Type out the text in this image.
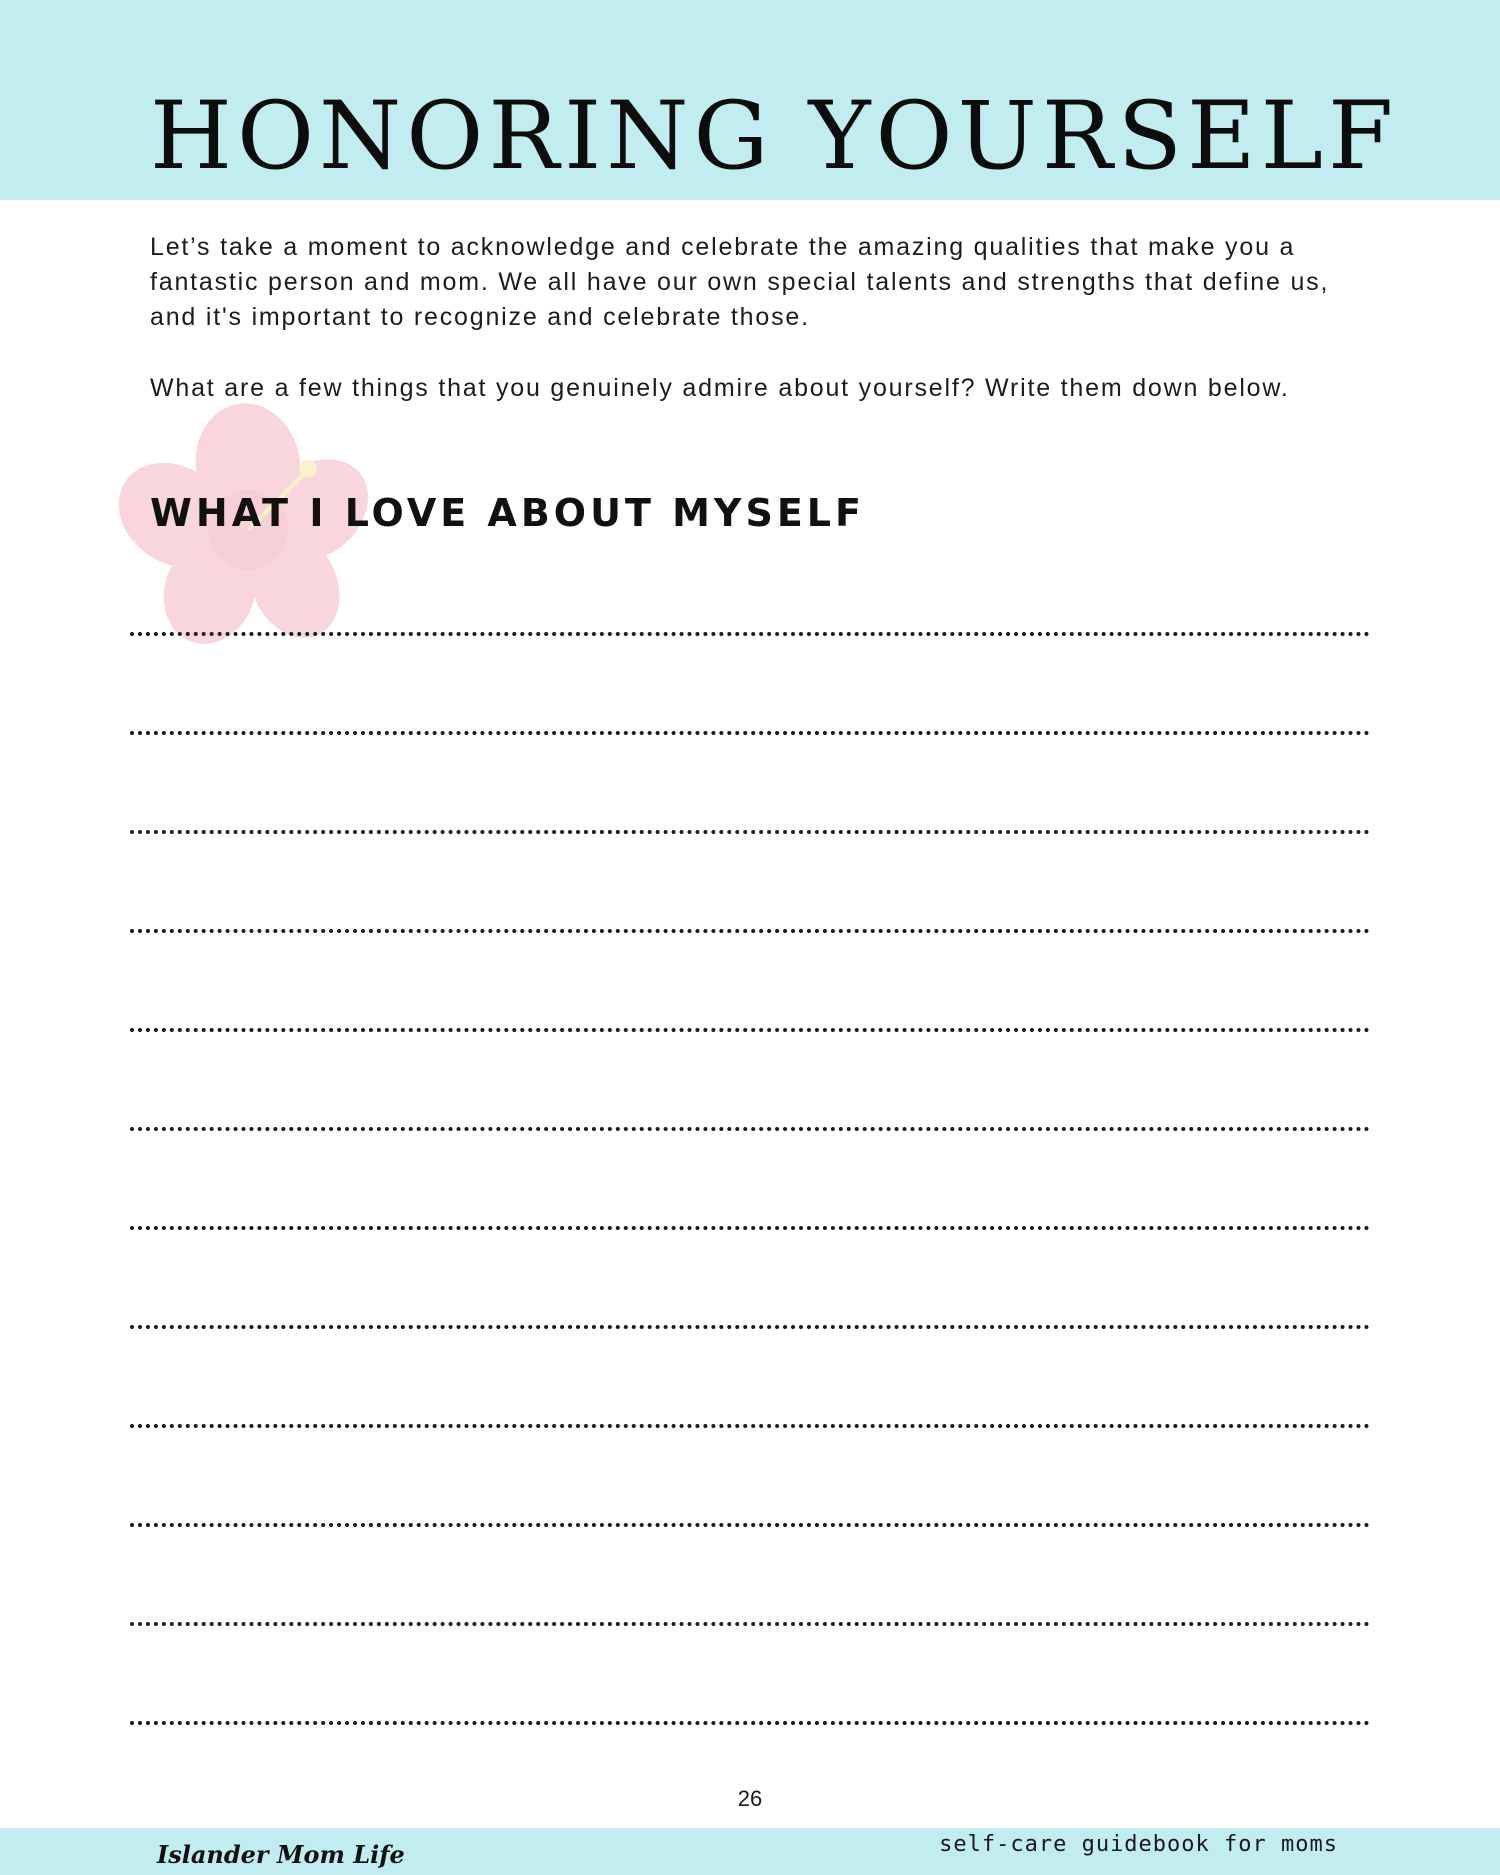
HONORING YOURSELF

Let’s take a moment to acknowledge and celebrate the amazing qualities that make you a fantastic person and mom. We all have our own special talents and strengths that define us, and it's important to recognize and celebrate those.

What are a few things that you genuinely admire about yourself? Write them down below.

WHAT I LOVE ABOUT MYSELF
26
Islander Mom Life	self-care guidebook for moms
